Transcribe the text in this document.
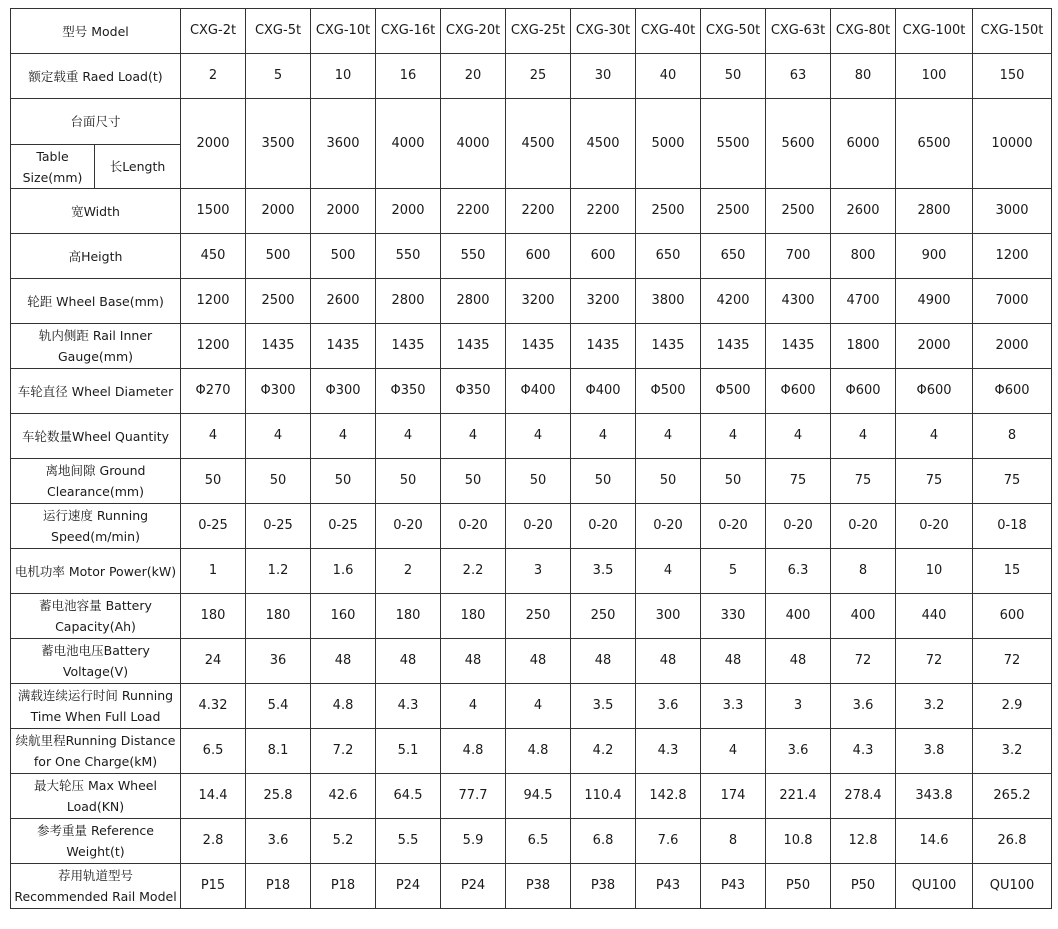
型号 Model		CXG-2t	CXG-5t	CXG-10t	CXG-16t	CXG-20t	CXG-25t	CXG-30t	CXG-40t	CXG-50t	CXG-63t	CXG-80t	CXG-100t	CXG-150t
额定载重 Raed Load(t)		2	5	10	16	20	25	30	40	50	63	80	100	150
台面尺寸		2000	3500	3600	4000	4000	4500	4500	5000	5500	5600	6000	6500	10000
Table Size(mm)	长Length													
宽Width		1500	2000	2000	2000	2200	2200	2200	2500	2500	2500	2600	2800	3000
高Heigth		450	500	500	550	550	600	600	650	650	700	800	900	1200
轮距 Wheel Base(mm)		1200	2500	2600	2800	2800	3200	3200	3800	4200	4300	4700	4900	7000
轨内侧距 Rail Inner Gauge(mm)		1200	1435	1435	1435	1435	1435	1435	1435	1435	1435	1800	2000	2000
车轮直径 Wheel Diameter		Φ270	Φ300	Φ300	Φ350	Φ350	Φ400	Φ400	Φ500	Φ500	Φ600	Φ600	Φ600	Φ600
车轮数量Wheel Quantity		4	4	4	4	4	4	4	4	4	4	4	4	8
离地间隙 Ground Clearance(mm)		50	50	50	50	50	50	50	50	50	75	75	75	75
运行速度 Running Speed(m/min)		0-25	0-25	0-25	0-20	0-20	0-20	0-20	0-20	0-20	0-20	0-20	0-20	0-18
电机功率 Motor Power(kW)		1	1.2	1.6	2	2.2	3	3.5	4	5	6.3	8	10	15
蓄电池容量 Battery Capacity(Ah)		180	180	160	180	180	250	250	300	330	400	400	440	600
蓄电池电压Battery Voltage(V)		24	36	48	48	48	48	48	48	48	48	72	72	72
满载连续运行时间 Running Time When Full Load		4.32	5.4	4.8	4.3	4	4	3.5	3.6	3.3	3	3.6	3.2	2.9
续航里程Running Distance for One Charge(kM)		6.5	8.1	7.2	5.1	4.8	4.8	4.2	4.3	4	3.6	4.3	3.8	3.2
最大轮压 Max Wheel Load(KN)		14.4	25.8	42.6	64.5	77.7	94.5	110.4	142.8	174	221.4	278.4	343.8	265.2
参考重量 Reference Weight(t)		2.8	3.6	5.2	5.5	5.9	6.5	6.8	7.6	8	10.8	12.8	14.6	26.8
荐用轨道型号 Recommended Rail Model		P15	P18	P18	P24	P24	P38	P38	P43	P43	P50	P50	QU100	QU100
